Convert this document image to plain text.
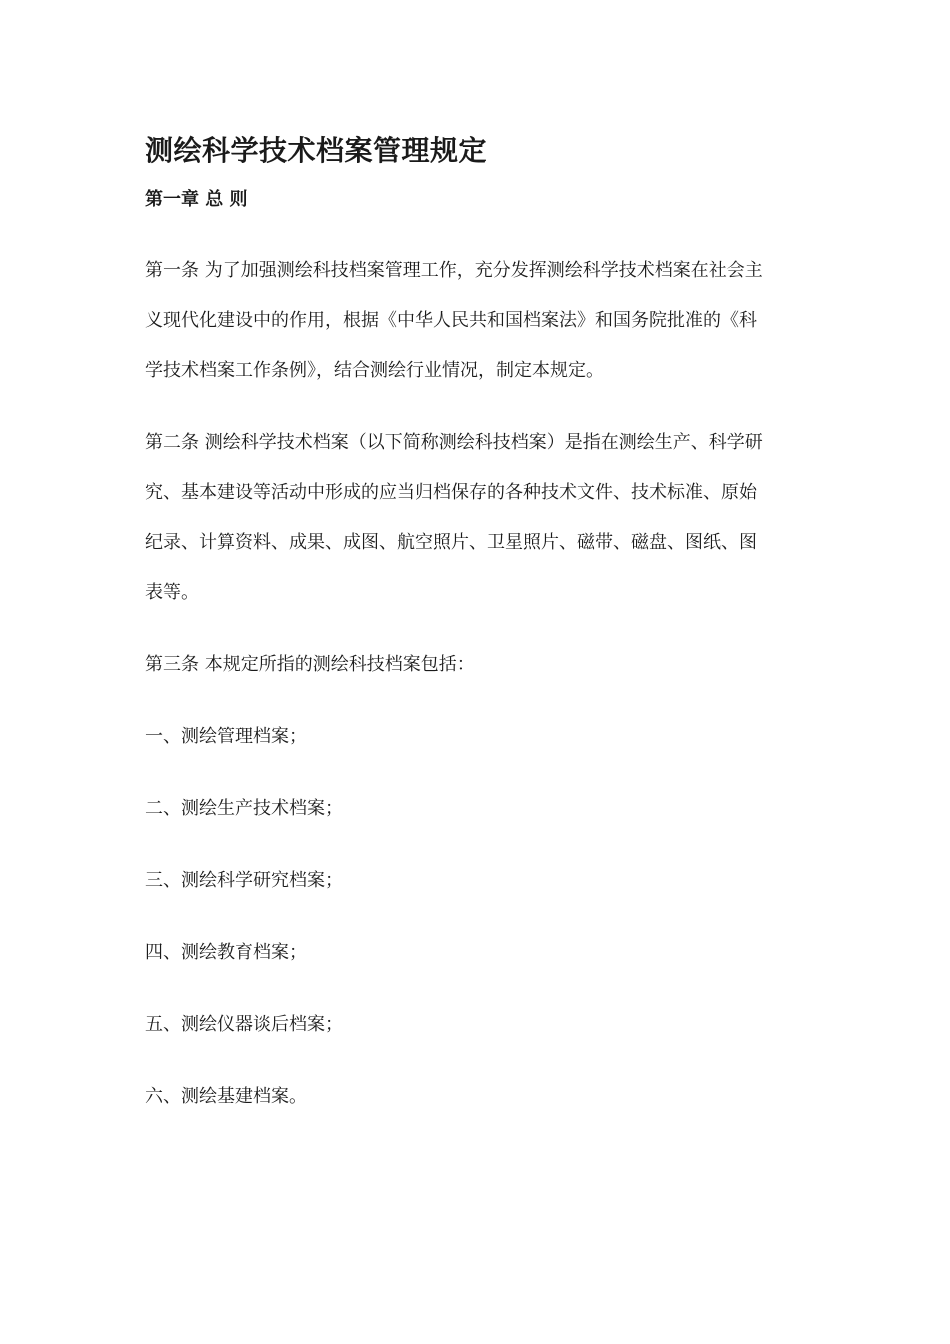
测绘科学技术档案管理规定
第一章 总 则

第一条 为了加强测绘科技档案管理工作，充分发挥测绘科学技术档案在社会主
义现代化建设中的作用，根据《中华人民共和国档案法》和国务院批准的《科
学技术档案工作条例》，结合测绘行业情况，制定本规定。

第二条 测绘科学技术档案（以下简称测绘科技档案）是指在测绘生产、科学研
究、基本建设等活动中形成的应当归档保存的各种技术文件、技术标准、原始
纪录、计算资料、成果、成图、航空照片、卫星照片、磁带、磁盘、图纸、图
表等。

第三条 本规定所指的测绘科技档案包括：

一、测绘管理档案；

二、测绘生产技术档案；

三、测绘科学研究档案；

四、测绘教育档案；

五、测绘仪器谈后档案；

六、测绘基建档案。
